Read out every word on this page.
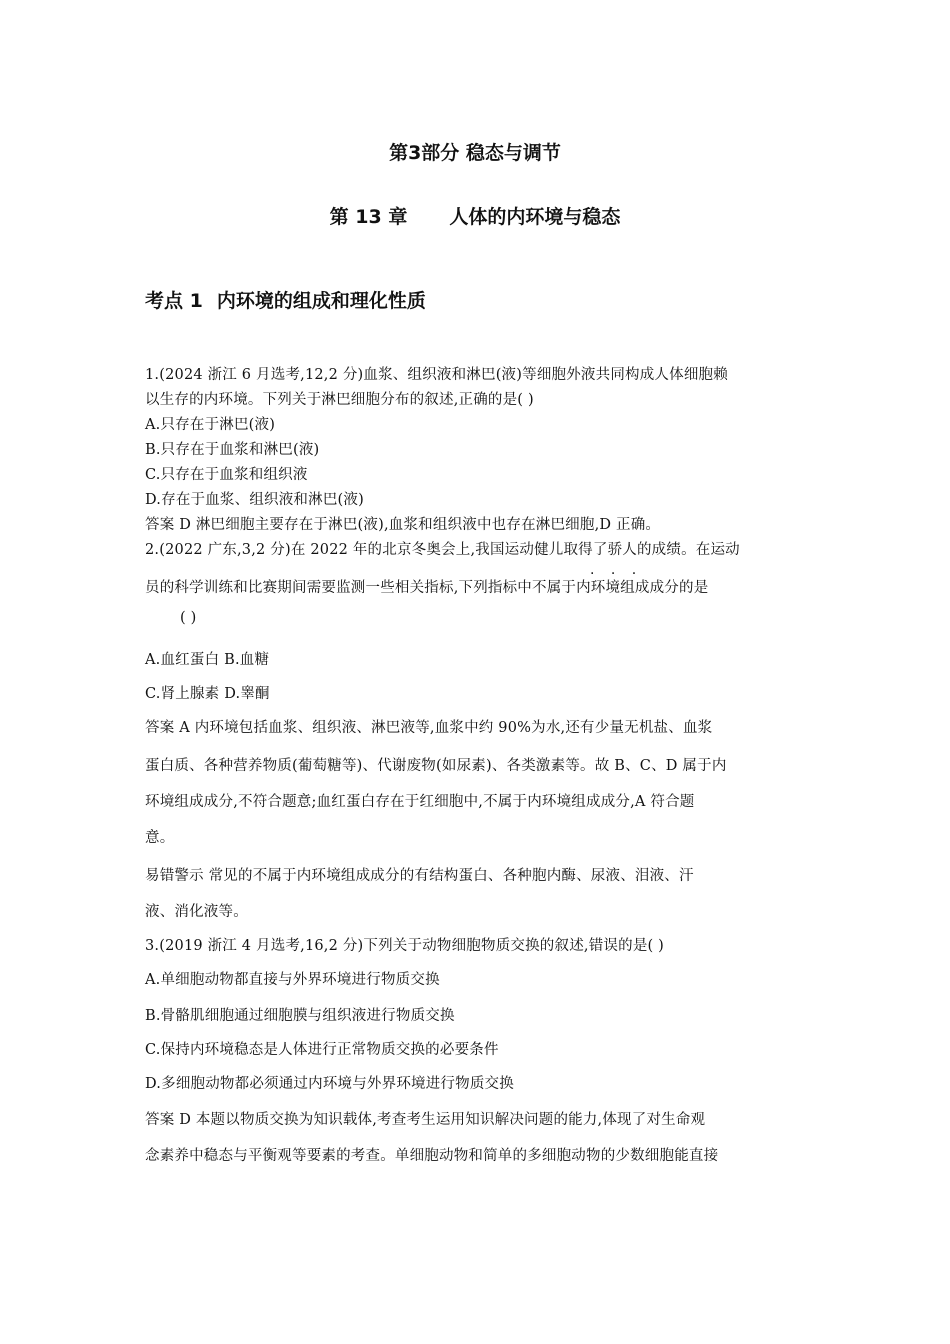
第3部分 稳态与调节
第 13 章 人体的内环境与稳态
考点 1 内环境的组成和理化性质
1.(2024 浙江 6 月选考,12,2 分)血浆、组织液和淋巴(液)等细胞外液共同构成人体细胞赖
以生存的内环境。下列关于淋巴细胞分布的叙述,正确的是( )
A.只存在于淋巴(液)
B.只存在于血浆和淋巴(液)
C.只存在于血浆和组织液
D.存在于血浆、组织液和淋巴(液)
答案 D 淋巴细胞主要存在于淋巴(液),血浆和组织液中也存在淋巴细胞,D 正确。
2.(2022 广东,3,2 分)在 2022 年的北京冬奥会上,我国运动健儿取得了骄人的成绩。在运动
· · ·
员的科学训练和比赛期间需要监测一些相关指标,下列指标中不属于内环境组成成分的是
( )
A.血红蛋白 B.血糖
C.肾上腺素 D.睾酮
答案 A 内环境包括血浆、组织液、淋巴液等,血浆中约 90%为水,还有少量无机盐、血浆
蛋白质、各种营养物质(葡萄糖等)、代谢废物(如尿素)、各类激素等。故 B、C、D 属于内
环境组成成分,不符合题意;血红蛋白存在于红细胞中,不属于内环境组成成分,A 符合题
意。
易错警示 常见的不属于内环境组成成分的有结构蛋白、各种胞内酶、尿液、泪液、汗
液、消化液等。
3.(2019 浙江 4 月选考,16,2 分)下列关于动物细胞物质交换的叙述,错误的是( )
A.单细胞动物都直接与外界环境进行物质交换
B.骨骼肌细胞通过细胞膜与组织液进行物质交换
C.保持内环境稳态是人体进行正常物质交换的必要条件
D.多细胞动物都必须通过内环境与外界环境进行物质交换
答案 D 本题以物质交换为知识载体,考查考生运用知识解决问题的能力,体现了对生命观
念素养中稳态与平衡观等要素的考查。单细胞动物和简单的多细胞动物的少数细胞能直接
